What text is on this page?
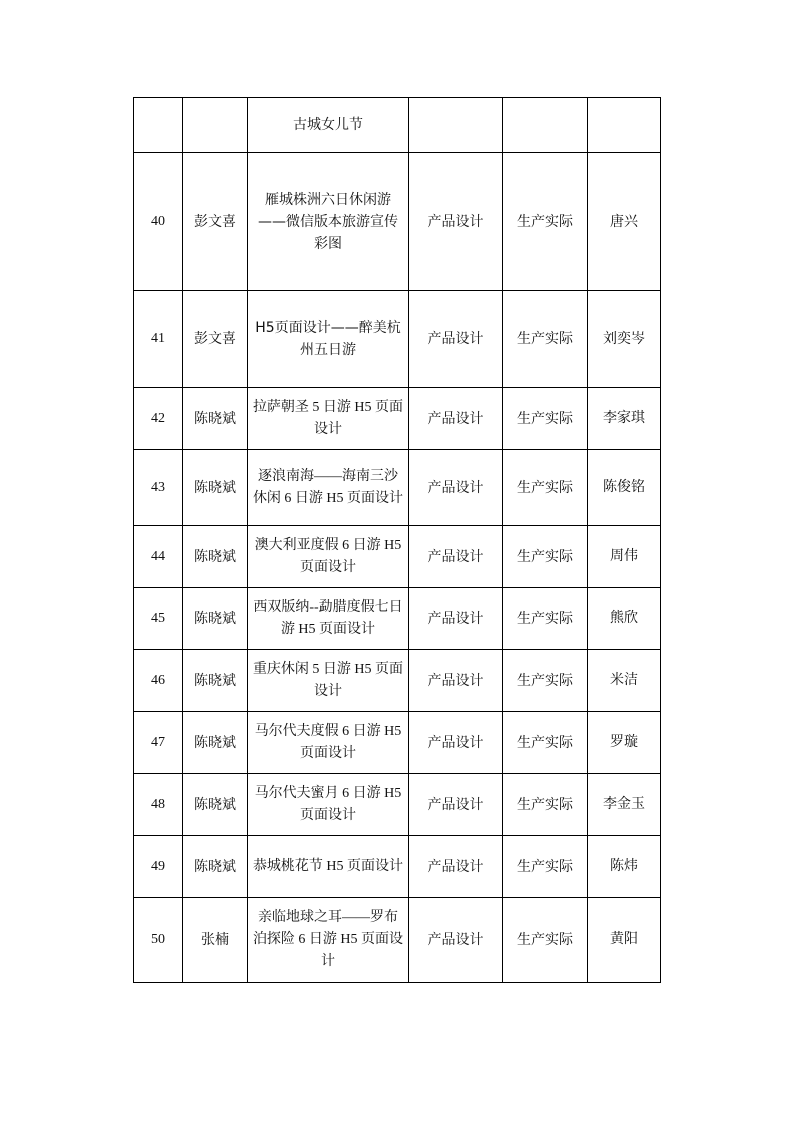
		古城女儿节			
40	彭文喜	雁城株洲六日休闲游——微信版本旅游宣传彩图	产品设计	生产实际	唐兴
41	彭文喜	H5页面设计——醉美杭州五日游	产品设计	生产实际	刘奕岑
42	陈晓斌	拉萨朝圣 5 日游 H5 页面设计	产品设计	生产实际	李家琪
43	陈晓斌	逐浪南海——海南三沙休闲 6 日游 H5 页面设计	产品设计	生产实际	陈俊铭
44	陈晓斌	澳大利亚度假 6 日游 H5 页面设计	产品设计	生产实际	周伟
45	陈晓斌	西双版纳--勐腊度假七日游 H5 页面设计	产品设计	生产实际	熊欣
46	陈晓斌	重庆休闲 5 日游 H5 页面设计	产品设计	生产实际	米洁
47	陈晓斌	马尔代夫度假 6 日游 H5 页面设计	产品设计	生产实际	罗璇
48	陈晓斌	马尔代夫蜜月 6 日游 H5 页面设计	产品设计	生产实际	李金玉
49	陈晓斌	恭城桃花节 H5 页面设计	产品设计	生产实际	陈炜
50	张楠	亲临地球之耳——罗布泊探险 6 日游 H5 页面设计	产品设计	生产实际	黄阳
